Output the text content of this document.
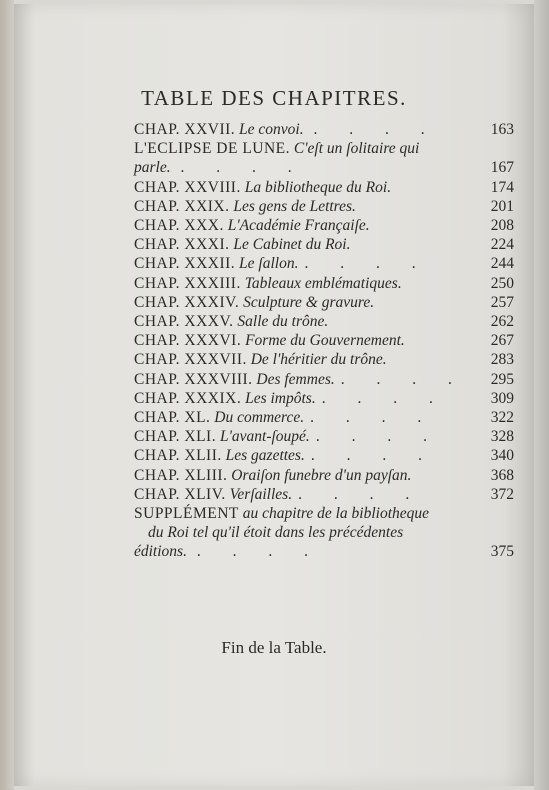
TABLE DES CHAPITRES.
CHAP. XXVII. Le convoi. . . . .	163
L'ECLIPSE DE LUNE. C'eſt un ſolitaire qui
parle. . . . .	167
CHAP. XXVIII. La bibliotheque du Roi.	174
CHAP. XXIX. Les gens de Lettres.	201
CHAP. XXX. L'Académie Françaiſe.	208
CHAP. XXXI. Le Cabinet du Roi.	224
CHAP. XXXII. Le ſallon. . . . .	244
CHAP. XXXIII. Tableaux emblématiques.	250
CHAP. XXXIV. Sculpture & gravure.	257
CHAP. XXXV. Salle du trône.	262
CHAP. XXXVI. Forme du Gouvernement.	267
CHAP. XXXVII. De l'héritier du trône.	283
CHAP. XXXVIII. Des femmes. . . . . 295
CHAP. XXXIX. Les impôts. . . . .	309
CHAP. XL. Du commerce. . . . .	322
CHAP. XLI. L'avant-ſoupé. . . . .	328
CHAP. XLII. Les gazettes. . . . .	340
CHAP. XLIII. Oraiſon funebre d'un payſan.	368
CHAP. XLIV. Verſailles. . . . .	372
SUPPLÉMENT au chapitre de la bibliotheque
du Roi tel qu'il étoit dans les précédentes
éditions. . . . .	375
Fin de la Table.
